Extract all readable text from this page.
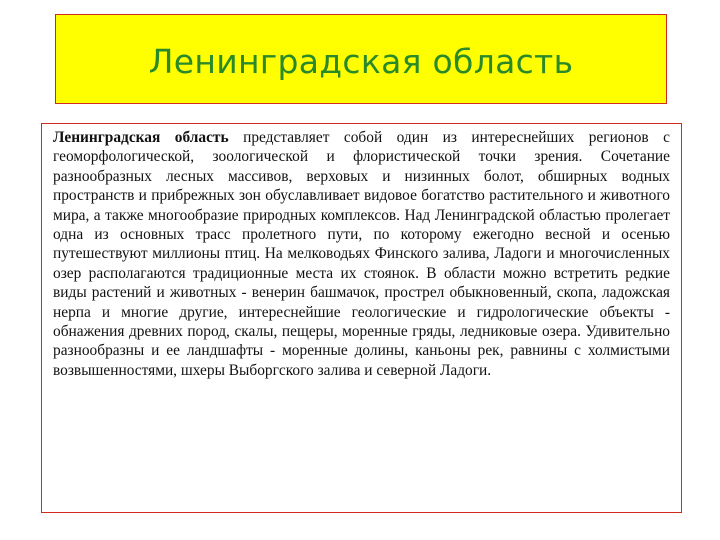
Ленинградская область

Ленинградская область представляет собой один из интереснейших регионов с геоморфологической, зоологической и флористической точки зрения. Сочетание разнообразных лесных массивов, верховых и низинных болот, обширных водных пространств и прибрежных зон обуславливает видовое богатство растительного и животного мира, а также многообразие природных комплексов. Над Ленинградской областью пролегает одна из основных трасс пролетного пути, по которому ежегодно весной и осенью путешествуют миллионы птиц. На мелководьях Финского залива, Ладоги и многочисленных озер располагаются традиционные места их стоянок. В области можно встретить редкие виды растений и животных - венерин башмачок, прострел обыкновенный, скопа, ладожская нерпа и многие другие, интереснейшие геологические и гидрологические объекты - обнажения древних пород, скалы, пещеры, моренные гряды, ледниковые озера. Удивительно разнообразны и ее ландшафты - моренные долины, каньоны рек, равнины с холмистыми возвышенностями, шхеры Выборгского залива и северной Ладоги.
